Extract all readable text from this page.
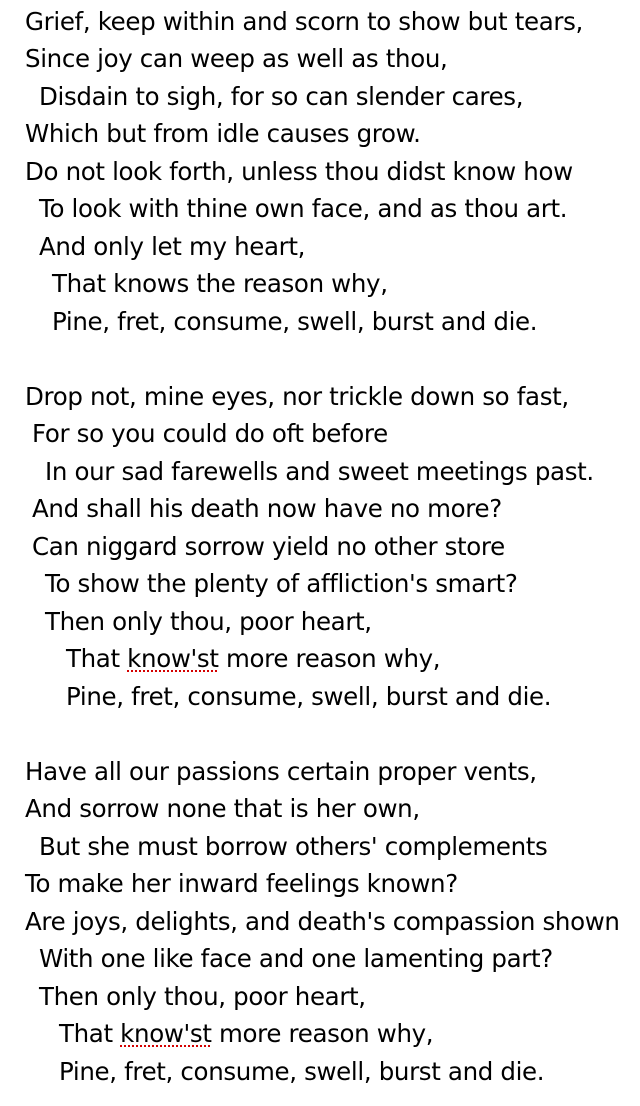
Grief, keep within and scorn to show but tears,
Since joy can weep as well as thou,
Disdain to sigh, for so can slender cares,
Which but from idle causes grow.
Do not look forth, unless thou didst know how
To look with thine own face, and as thou art.
And only let my heart,
That knows the reason why,
Pine, fret, consume, swell, burst and die.
Drop not, mine eyes, nor trickle down so fast,
For so you could do oft before
In our sad farewells and sweet meetings past.
And shall his death now have no more?
Can niggard sorrow yield no other store
To show the plenty of affliction's smart?
Then only thou, poor heart,
That know'st more reason why,
Pine, fret, consume, swell, burst and die.
Have all our passions certain proper vents,
And sorrow none that is her own,
But she must borrow others' complements
To make her inward feelings known?
Are joys, delights, and death's compassion shown
With one like face and one lamenting part?
Then only thou, poor heart,
That know'st more reason why,
Pine, fret, consume, swell, burst and die.
